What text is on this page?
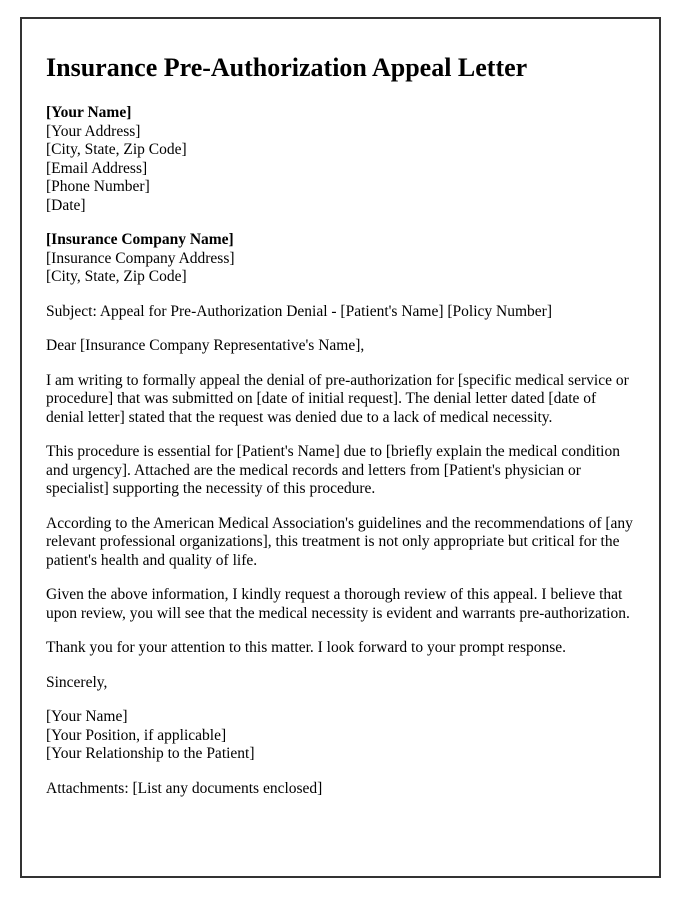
Insurance Pre-Authorization Appeal Letter

[Your Name]
[Your Address]
[City, State, Zip Code]
[Email Address]
[Phone Number]
[Date]

[Insurance Company Name]
[Insurance Company Address]
[City, State, Zip Code]

Subject: Appeal for Pre-Authorization Denial - [Patient's Name] [Policy Number]

Dear [Insurance Company Representative's Name],

I am writing to formally appeal the denial of pre-authorization for [specific medical service or procedure] that was submitted on [date of initial request]. The denial letter dated [date of denial letter] stated that the request was denied due to a lack of medical necessity.

This procedure is essential for [Patient's Name] due to [briefly explain the medical condition and urgency]. Attached are the medical records and letters from [Patient's physician or specialist] supporting the necessity of this procedure.

According to the American Medical Association's guidelines and the recommendations of [any relevant professional organizations], this treatment is not only appropriate but critical for the patient's health and quality of life.

Given the above information, I kindly request a thorough review of this appeal. I believe that upon review, you will see that the medical necessity is evident and warrants pre-authorization.

Thank you for your attention to this matter. I look forward to your prompt response.

Sincerely,

[Your Name]
[Your Position, if applicable]
[Your Relationship to the Patient]

Attachments: [List any documents enclosed]
